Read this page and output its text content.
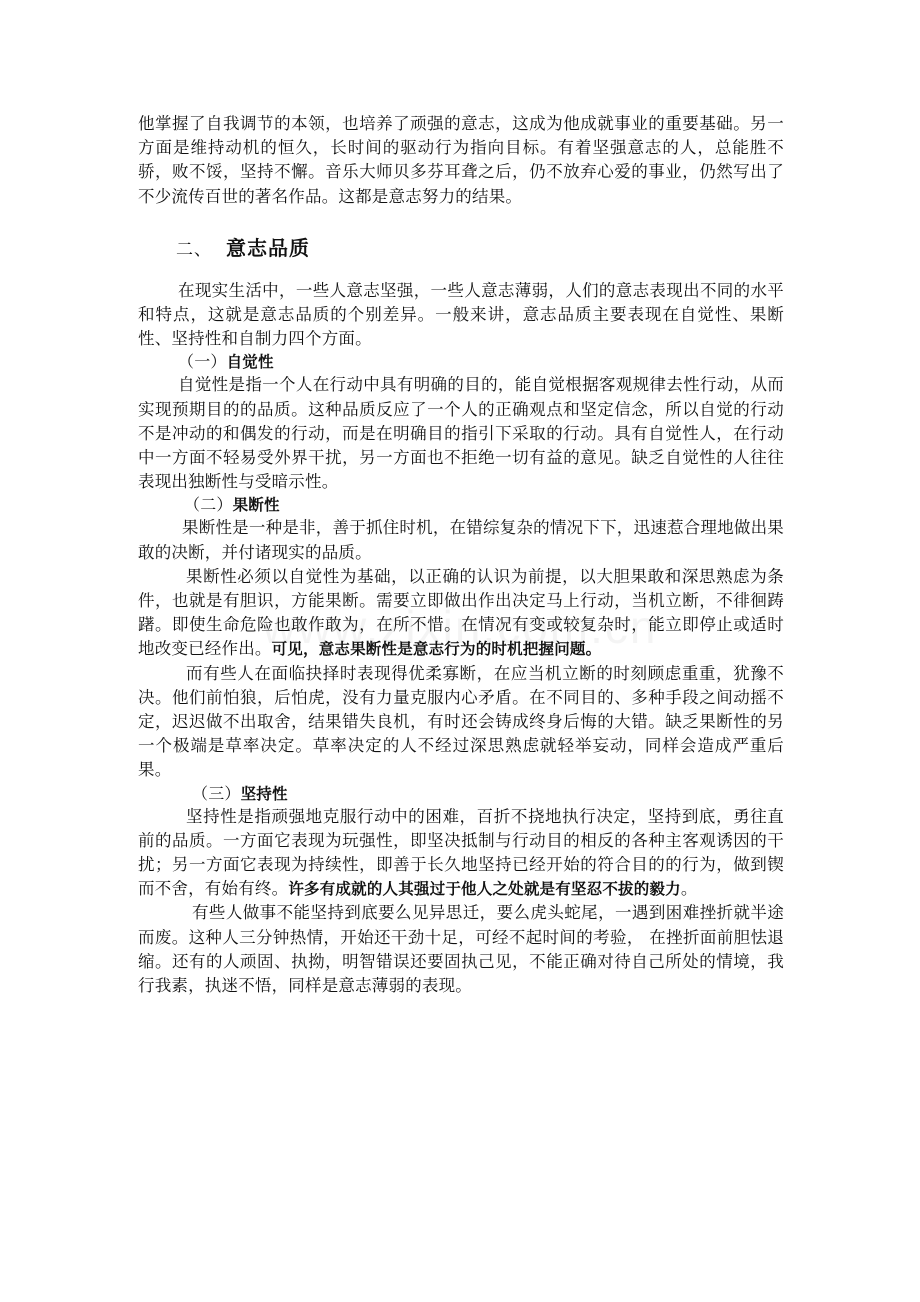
他掌握了自我调节的本领，也培养了顽强的意志，这成为他成就事业的重要基础。另一方面是维持动机的恒久，长时间的驱动行为指向目标。有着坚强意志的人，总能胜不骄，败不馁，坚持不懈。音乐大师贝多芬耳聋之后，仍不放弃心爱的事业，仍然写出了不少流传百世的著名作品。这都是意志努力的结果。

二、 意志品质

在现实生活中，一些人意志坚强，一些人意志薄弱，人们的意志表现出不同的水平和特点，这就是意志品质的个别差异。一般来讲，意志品质主要表现在自觉性、果断性、坚持性和自制力四个方面。

（一）自觉性

自觉性是指一个人在行动中具有明确的目的，能自觉根据客观规律去性行动，从而实现预期目的的品质。这种品质反应了一个人的正确观点和坚定信念，所以自觉的行动不是冲动的和偶发的行动，而是在明确目的指引下采取的行动。具有自觉性人，在行动中一方面不轻易受外界干扰，另一方面也不拒绝一切有益的意见。缺乏自觉性的人往往表现出独断性与受暗示性。

（二）果断性

果断性是一种是非，善于抓住时机，在错综复杂的情况下下，迅速惹合理地做出果敢的决断，并付诸现实的品质。

果断性必须以自觉性为基础，以正确的认识为前提，以大胆果敢和深思熟虑为条件，也就是有胆识，方能果断。需要立即做出作出决定马上行动，当机立断，不徘徊踌躇。即使生命危险也敢作敢为，在所不惜。在情况有变或较复杂时，能立即停止或适时地改变已经作出。可见，意志果断性是意志行为的时机把握问题。

而有些人在面临抉择时表现得优柔寡断，在应当机立断的时刻顾虑重重，犹豫不决。他们前怕狼，后怕虎，没有力量克服内心矛盾。在不同目的、多种手段之间动摇不定，迟迟做不出取舍，结果错失良机，有时还会铸成终身后悔的大错。缺乏果断性的另一个极端是草率决定。草率决定的人不经过深思熟虑就轻举妄动，同样会造成严重后果。

（三）坚持性

坚持性是指顽强地克服行动中的困难，百折不挠地执行决定，坚持到底，勇往直前的品质。一方面它表现为玩强性，即坚决抵制与行动目的相反的各种主客观诱因的干扰；另一方面它表现为持续性，即善于长久地坚持已经开始的符合目的的行为，做到锲而不舍，有始有终。许多有成就的人其强过于他人之处就是有坚忍不拔的毅力。

有些人做事不能坚持到底要么见异思迁，要么虎头蛇尾，一遇到困难挫折就半途而废。这种人三分钟热情，开始还干劲十足，可经不起时间的考验， 在挫折面前胆怯退缩。还有的人顽固、执拗，明智错误还要固执己见，不能正确对待自己所处的情境，我行我素，执迷不悟，同样是意志薄弱的表现。
